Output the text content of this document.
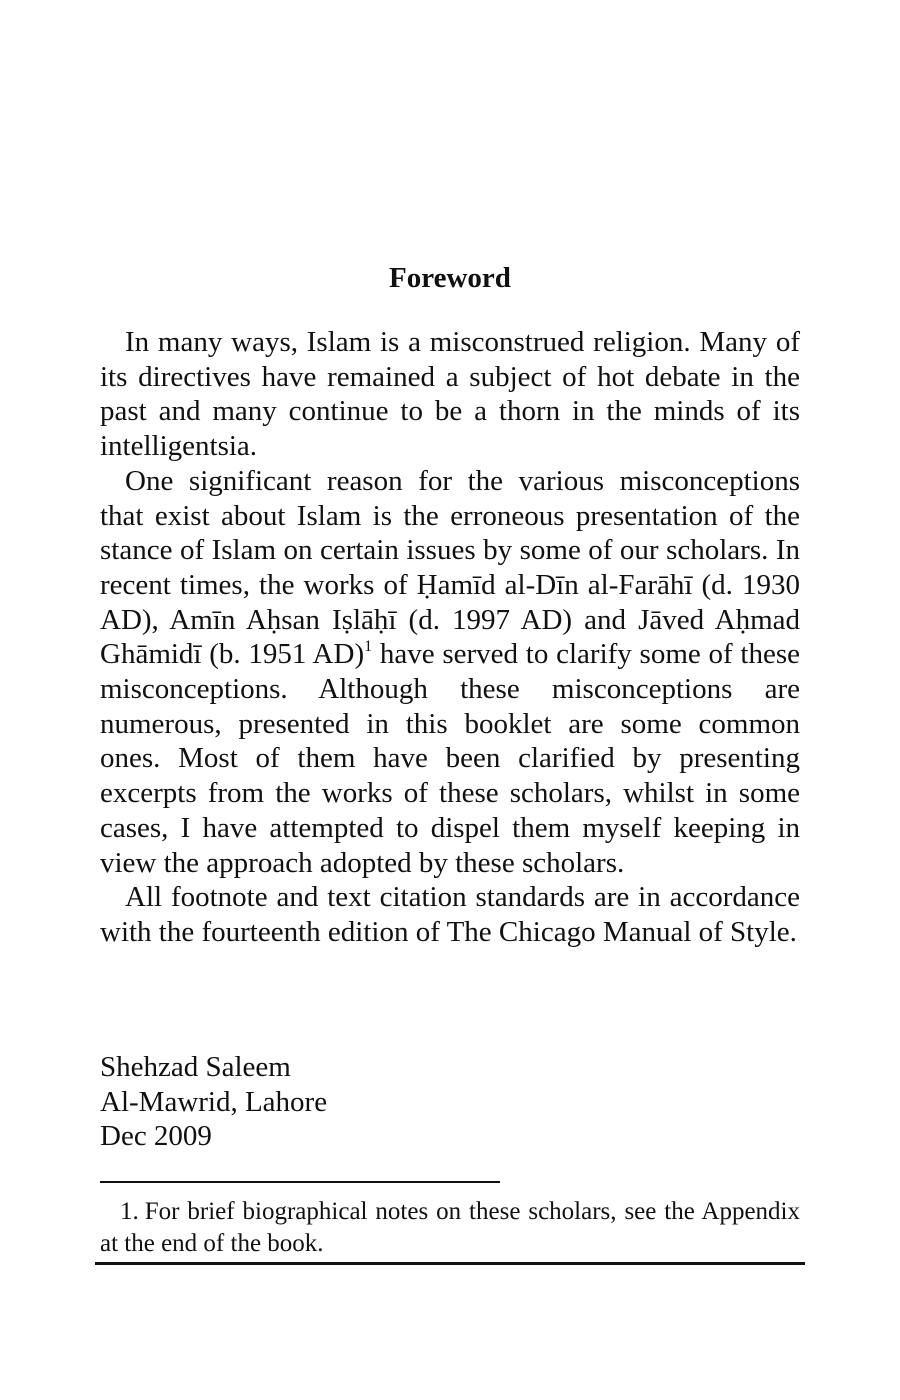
Foreword

In many ways, Islam is a misconstrued religion. Many of its directives have remained a subject of hot debate in the past and many continue to be a thorn in the minds of its intelligentsia.

One significant reason for the various misconceptions that exist about Islam is the erroneous presentation of the stance of Islam on certain issues by some of our scholars. In recent times, the works of Ḥamīd al-Dīn al-Farāhī (d. 1930 AD), Amīn Aḥsan Iṣlāḥī (d. 1997 AD) and Jāved Aḥmad Ghāmidī (b. 1951 AD)$^1$ have served to clarify some of these misconceptions. Although these misconceptions are numerous, presented in this booklet are some common ones. Most of them have been clarified by presenting excerpts from the works of these scholars, whilst in some cases, I have attempted to dispel them myself keeping in view the approach adopted by these scholars.

All footnote and text citation standards are in accordance with the fourteenth edition of The Chicago Manual of Style.

Shehzad Saleem
Al-Mawrid, Lahore
Dec 2009

1. For brief biographical notes on these scholars, see the Appendix at the end of the book.
